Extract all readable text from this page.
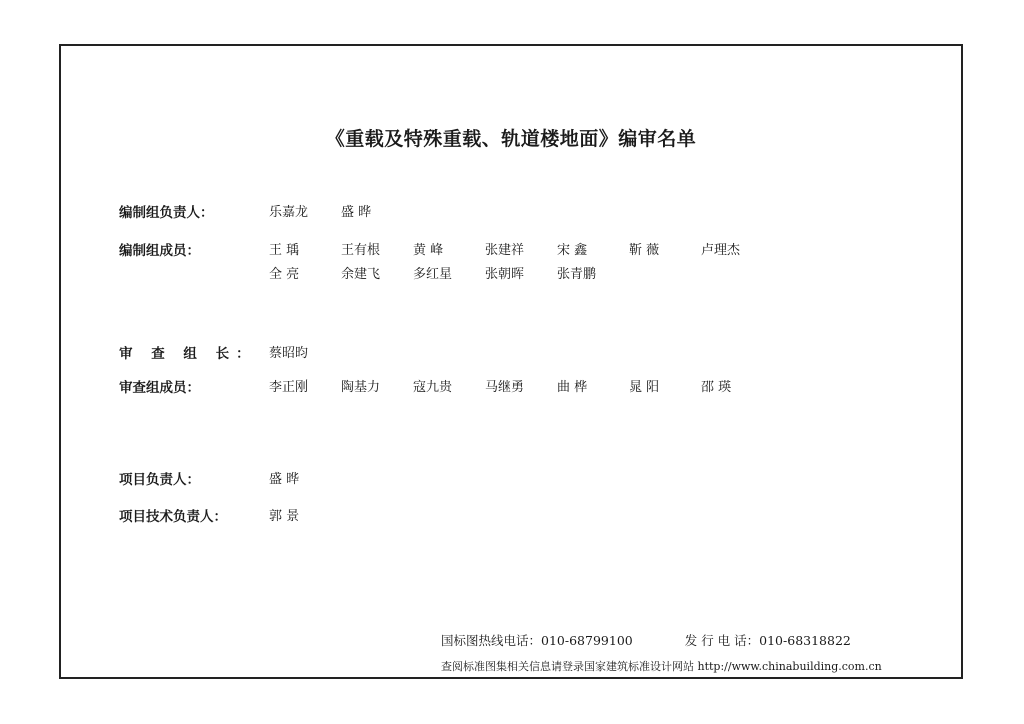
《重载及特殊重载、轨道楼地面》编审名单
编制组负责人：	乐嘉龙	盛 晔
编制组成员：	王 瑀	王有根	黄 峰	张建祥	宋 鑫	靳 薇	卢理杰
全 亮	余建飞	多红星	张朝晖	张青鹏
审 查 组 长： 蔡昭昀
审查组成员：	李正刚	陶基力	寇九贵	马继勇	曲 桦	晁 阳	邵 瑛
项目负责人：	盛 晔
项目技术负责人：	郭 景
国标图热线电话：010-68799100	发 行 电 话：010-68318822
查阅标准图集相关信息请登录国家建筑标准设计网站 http://www.chinabuilding.com.cn
